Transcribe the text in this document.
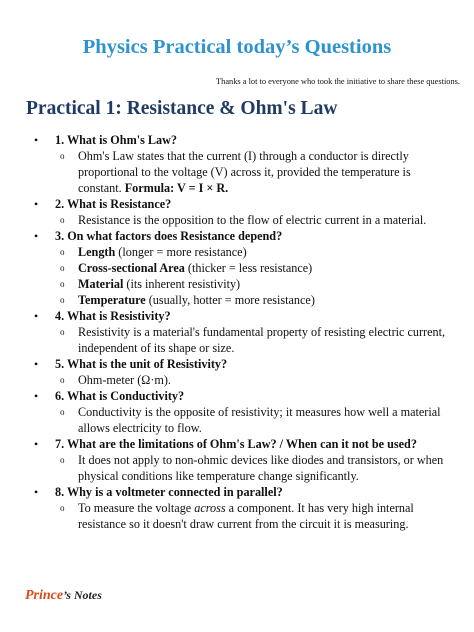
Physics Practical today’s Questions
Thanks a lot to everyone who took the initiative to share these questions.
Practical 1: Resistance & Ohm's Law
• 1. What is Ohm's Law?
o Ohm's Law states that the current (I) through a conductor is directly proportional to the voltage (V) across it, provided the temperature is constant. Formula: V = I × R.
• 2. What is Resistance?
o Resistance is the opposition to the flow of electric current in a material.
• 3. On what factors does Resistance depend?
o Length (longer = more resistance)
o Cross-sectional Area (thicker = less resistance)
o Material (its inherent resistivity)
o Temperature (usually, hotter = more resistance)
• 4. What is Resistivity?
o Resistivity is a material's fundamental property of resisting electric current, independent of its shape or size.
• 5. What is the unit of Resistivity?
o Ohm-meter (Ω·m).
• 6. What is Conductivity?
o Conductivity is the opposite of resistivity; it measures how well a material allows electricity to flow.
• 7. What are the limitations of Ohm's Law? / When can it not be used?
o It does not apply to non-ohmic devices like diodes and transistors, or when physical conditions like temperature change significantly.
• 8. Why is a voltmeter connected in parallel?
o To measure the voltage across a component. It has very high internal resistance so it doesn't draw current from the circuit it is measuring.
Prince’s Notes
